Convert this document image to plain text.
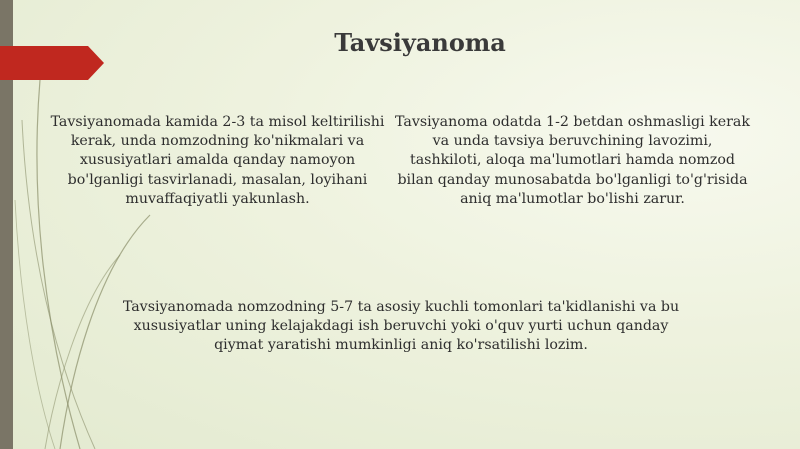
Tavsiyanoma

Tavsiyanomada kamida 2-3 ta misol keltirilishi kerak, unda nomzodning ko'nikmalari va xususiyatlari amalda qanday namoyon bo'lganligi tasvirlanadi, masalan, loyihani muvaffaqiyatli yakunlash.

Tavsiyanoma odatda 1-2 betdan oshmasligi kerak va unda tavsiya beruvchining lavozimi, tashkiloti, aloqa ma'lumotlari hamda nomzod bilan qanday munosabatda bo'lganligi to'g'risida aniq ma'lumotlar bo'lishi zarur.

Tavsiyanomada nomzodning 5-7 ta asosiy kuchli tomonlari ta'kidlanishi va bu xususiyatlar uning kelajakdagi ish beruvchi yoki o'quv yurti uchun qanday qiymat yaratishi mumkinligi aniq ko'rsatilishi lozim.
